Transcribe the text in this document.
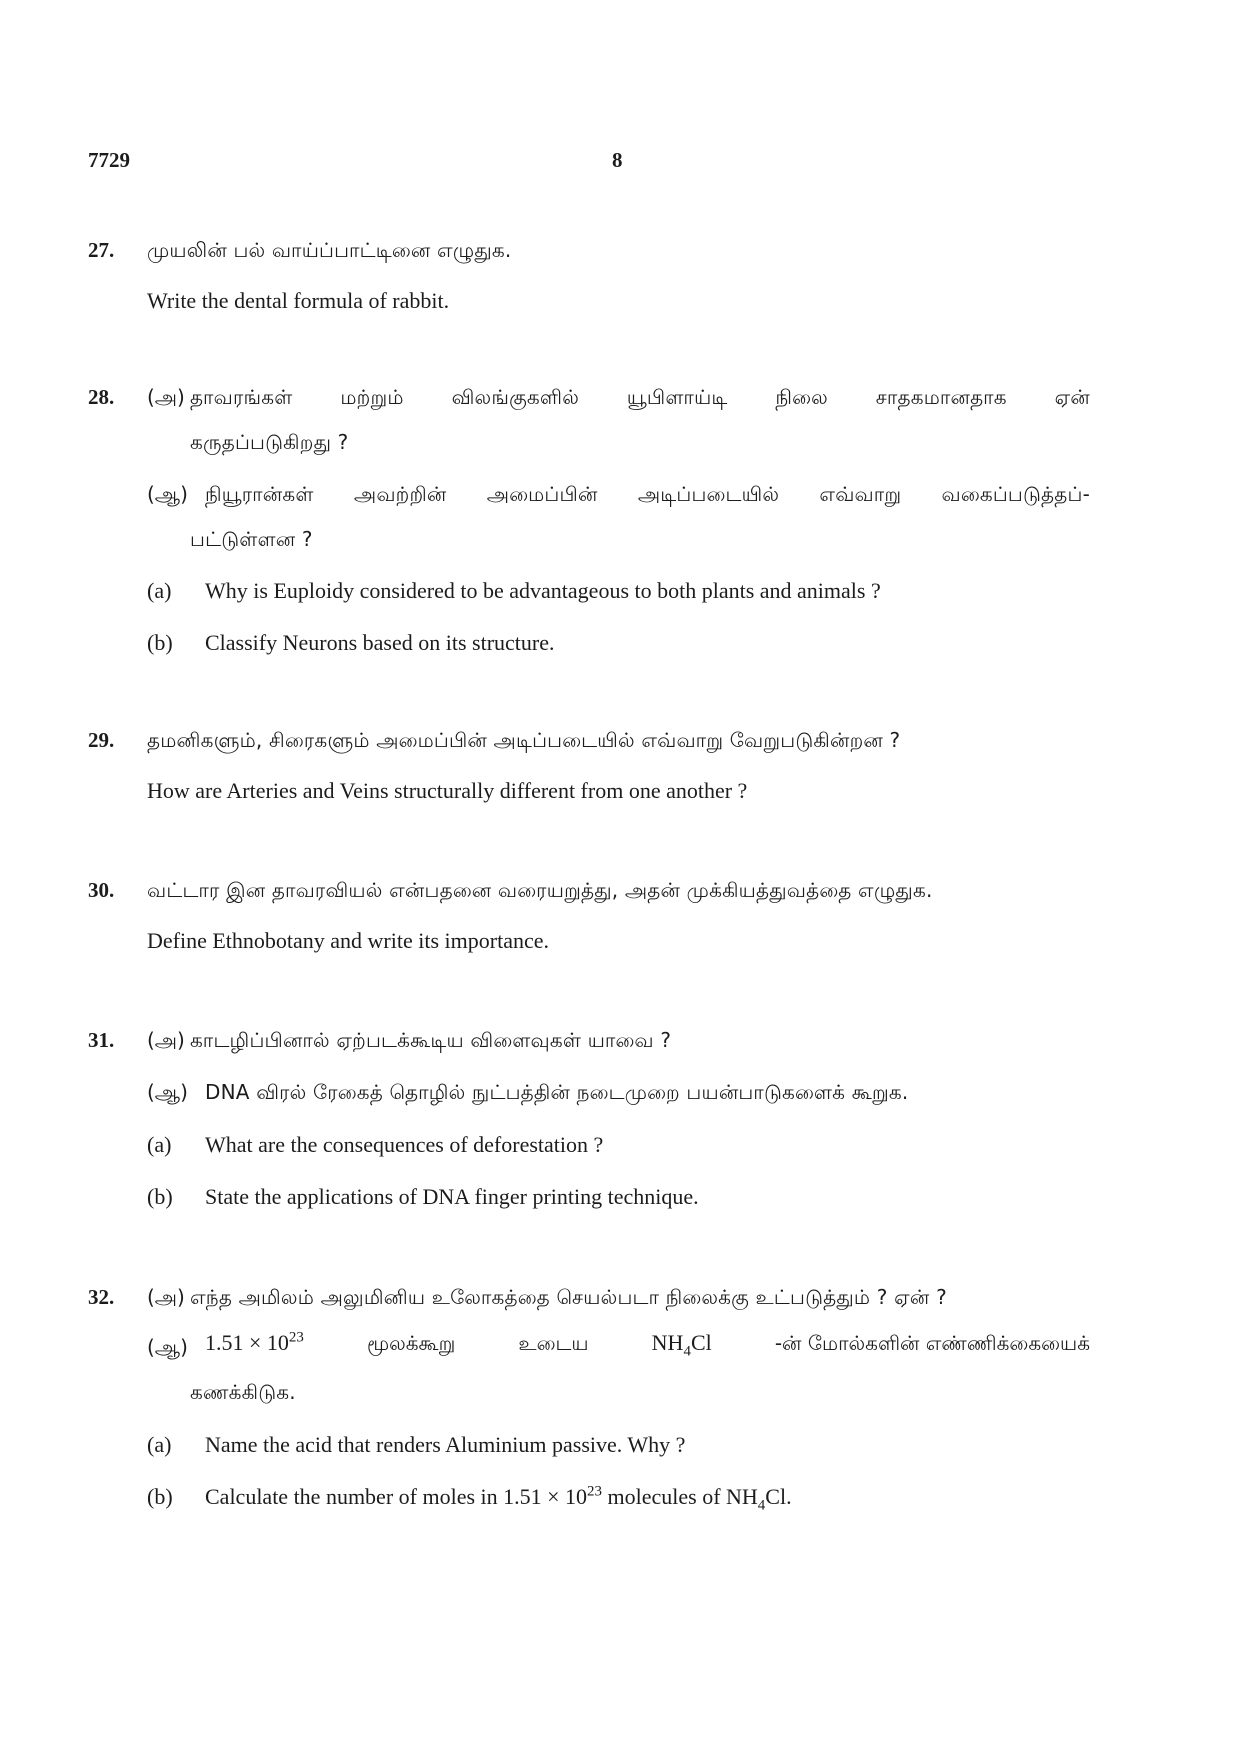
7729	8
27. முயலின் பல் வாய்ப்பாட்டினை எழுதுக.
Write the dental formula of rabbit.
28. (அ) தாவரங்கள் மற்றும் விலங்குகளில் யூபிளாய்டி நிலை சாதகமானதாக ஏன்
கருதப்படுகிறது ?
(ஆ) நியூரான்கள் அவற்றின் அமைப்பின் அடிப்படையில் எவ்வாறு வகைப்படுத்தப்-
பட்டுள்ளன ?
(a) Why is Euploidy considered to be advantageous to both plants and animals ?
(b) Classify Neurons based on its structure.
29. தமனிகளும், சிரைகளும் அமைப்பின் அடிப்படையில் எவ்வாறு வேறுபடுகின்றன ?
How are Arteries and Veins structurally different from one another ?
30. வட்டார இன தாவரவியல் என்பதனை வரையறுத்து, அதன் முக்கியத்துவத்தை எழுதுக.
Define Ethnobotany and write its importance.
31. (அ) காடழிப்பினால் ஏற்படக்கூடிய விளைவுகள் யாவை ?
(ஆ) DNA விரல் ரேகைத் தொழில் நுட்பத்தின் நடைமுறை பயன்பாடுகளைக் கூறுக.
(a) What are the consequences of deforestation ?
(b) State the applications of DNA finger printing technique.
32. (அ) எந்த அமிலம் அலுமினிய உலோகத்தை செயல்படா நிலைக்கு உட்படுத்தும் ? ஏன் ?
(ஆ) $1.51 \times 10^{23}$	மூலக்கூறு	உடைய	$NH_4Cl$	-ன் மோல்களின் எண்ணிக்கையைக்
கணக்கிடுக.
(a) Name the acid that renders Aluminium passive. Why ?
(b) Calculate the number of moles in $1.51 \times 10^{23}$ molecules of $NH_4Cl$.
